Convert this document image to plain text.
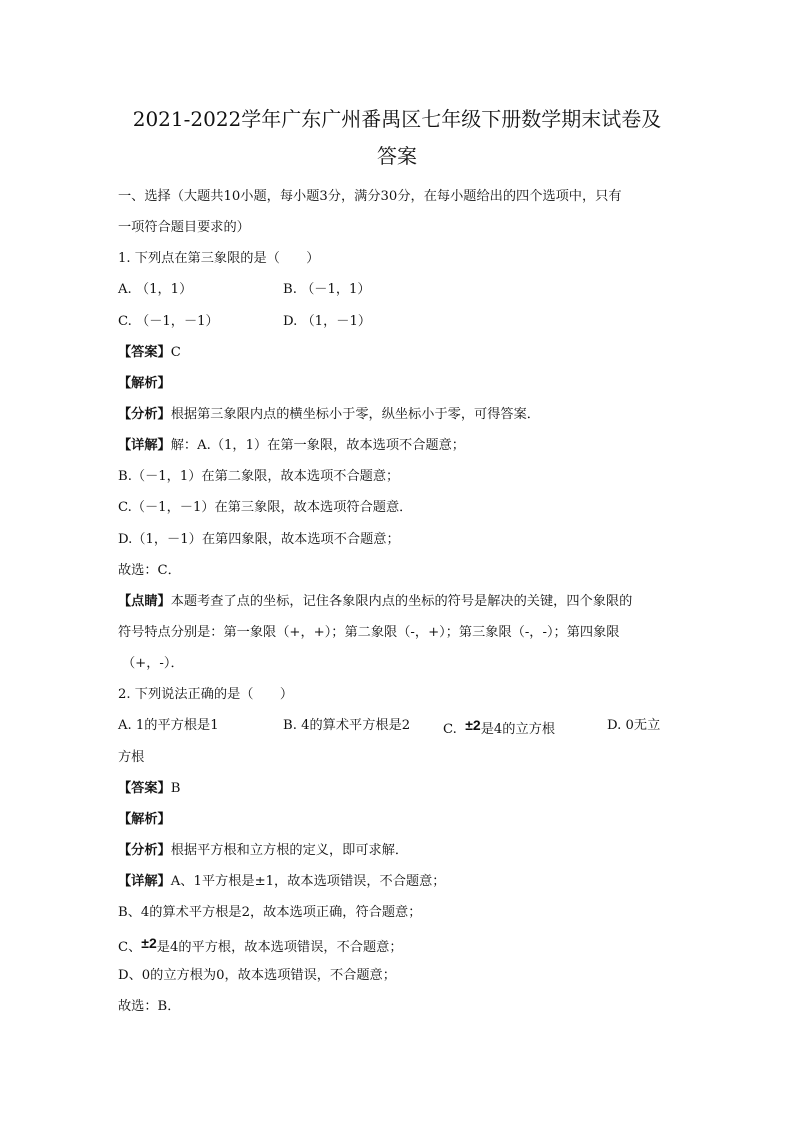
2021-2022学年广东广州番禺区七年级下册数学期末试卷及
答案
一、选择（大题共10小题，每小题3分，满分30分，在每小题给出的四个选项中，只有
一项符合题目要求的）
1. 下列点在第三象限的是（　　）
A. （1，1）	B. （－1，1）
C. （－1，－1）	D. （1，－1）
【答案】C
【解析】
【分析】根据第三象限内点的横坐标小于零，纵坐标小于零，可得答案．
【详解】解：A.（1，1）在第一象限，故本选项不合题意；
B.（－1，1）在第二象限，故本选项不合题意；
C.（－1，－1）在第三象限，故本选项符合题意．
D.（1，－1）在第四象限，故本选项不合题意；
故选：C．
【点睛】本题考查了点的坐标，记住各象限内点的坐标的符号是解决的关键，四个象限的
符号特点分别是：第一象限（+，+）；第二象限（-，+）；第三象限（-，-）；第四象限
（+，-）．
2. 下列说法正确的是（　　）
A. 1的平方根是1	B. 4的算术平方根是2 C. ±2是4的立方根	D. 0无立
方根
【答案】B
【解析】
【分析】根据平方根和立方根的定义，即可求解．
【详解】A、1平方根是±1，故本选项错误，不合题意；
B、4的算术平方根是2，故本选项正确，符合题意；
C、±2是4的平方根，故本选项错误，不合题意；
D、0的立方根为0，故本选项错误，不合题意；
故选：B．
